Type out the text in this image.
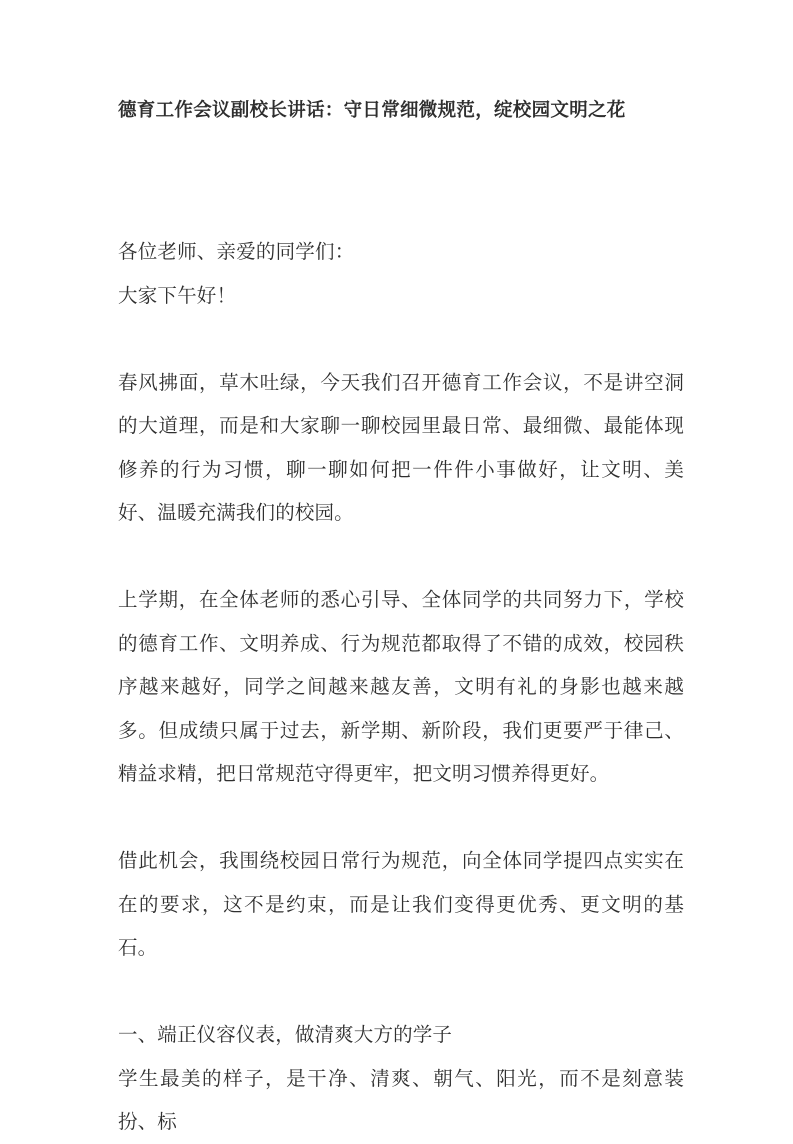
德育工作会议副校长讲话：守日常细微规范，绽校园文明之花

各位老师、亲爱的同学们：

大家下午好！

春风拂面，草木吐绿，今天我们召开德育工作会议，不是讲空洞的大道理，而是和大家聊一聊校园里最日常、最细微、最能体现修养的行为习惯，聊一聊如何把一件件小事做好，让文明、美好、温暖充满我们的校园。

上学期，在全体老师的悉心引导、全体同学的共同努力下，学校的德育工作、文明养成、行为规范都取得了不错的成效，校园秩序越来越好，同学之间越来越友善，文明有礼的身影也越来越多。但成绩只属于过去，新学期、新阶段，我们更要严于律己、精益求精，把日常规范守得更牢，把文明习惯养得更好。

借此机会，我围绕校园日常行为规范，向全体同学提四点实实在在的要求，这不是约束，而是让我们变得更优秀、更文明的基石。

一、端正仪容仪表，做清爽大方的学子

学生最美的样子，是干净、清爽、朝气、阳光，而不是刻意装扮、标
